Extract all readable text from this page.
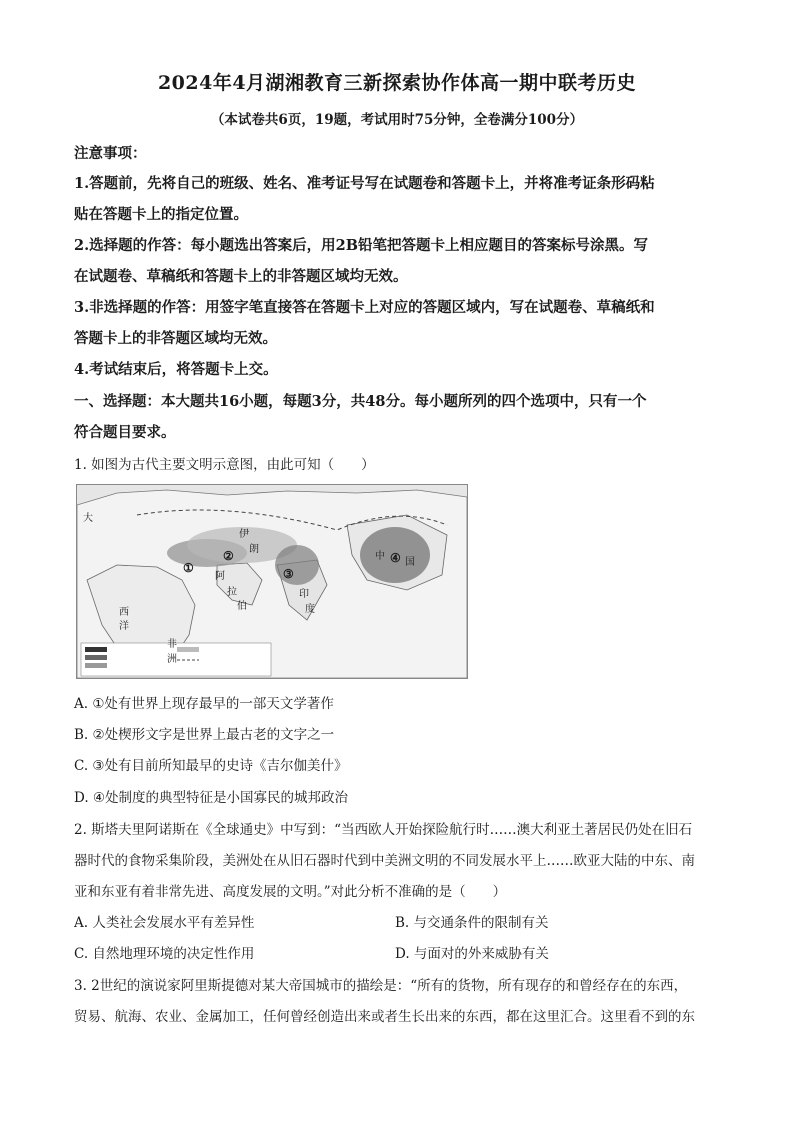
2024年4月湖湘教育三新探索协作体高一期中联考历史
（本试卷共6页，19题，考试用时75分钟，全卷满分100分）
注意事项：
1.答题前，先将自己的班级、姓名、准考证号写在试题卷和答题卡上，并将准考证条形码粘
贴在答题卡上的指定位置。
2.选择题的作答：每小题选出答案后，用2B铅笔把答题卡上相应题目的答案标号涂黑。写
在试题卷、草稿纸和答题卡上的非答题区域均无效。
3.非选择题的作答：用签字笔直接答在答题卡上对应的答题区域内，写在试题卷、草稿纸和
答题卡上的非答题区域均无效。
4.考试结束后，将答题卡上交。
一、选择题：本大题共16小题，每题3分，共48分。每小题所列的四个选项中，只有一个
符合题目要求。
1. 如图为古代主要文明示意图，由此可知（　　）
大
非
洲
伊
朗
阿
拉
伯
印
度
中
国
西
洋
①
②
③
④
A. ①处有世界上现存最早的一部天文学著作
B. ②处楔形文字是世界上最古老的文字之一
C. ③处有目前所知最早的史诗《吉尔伽美什》
D. ④处制度的典型特征是小国寡民的城邦政治
2. 斯塔夫里阿诺斯在《全球通史》中写到：“当西欧人开始探险航行时……澳大利亚土著居民仍处在旧石
器时代的食物采集阶段，美洲处在从旧石器时代到中美洲文明的不同发展水平上……欧亚大陆的中东、南
亚和东亚有着非常先进、高度发展的文明。”对此分析不准确的是（　　）
A. 人类社会发展水平有差异性	B. 与交通条件的限制有关
C. 自然地理环境的决定性作用	D. 与面对的外来威胁有关
3. 2世纪的演说家阿里斯提德对某大帝国城市的描绘是：“所有的货物，所有现存的和曾经存在的东西，
贸易、航海、农业、金属加工，任何曾经创造出来或者生长出来的东西，都在这里汇合。这里看不到的东
